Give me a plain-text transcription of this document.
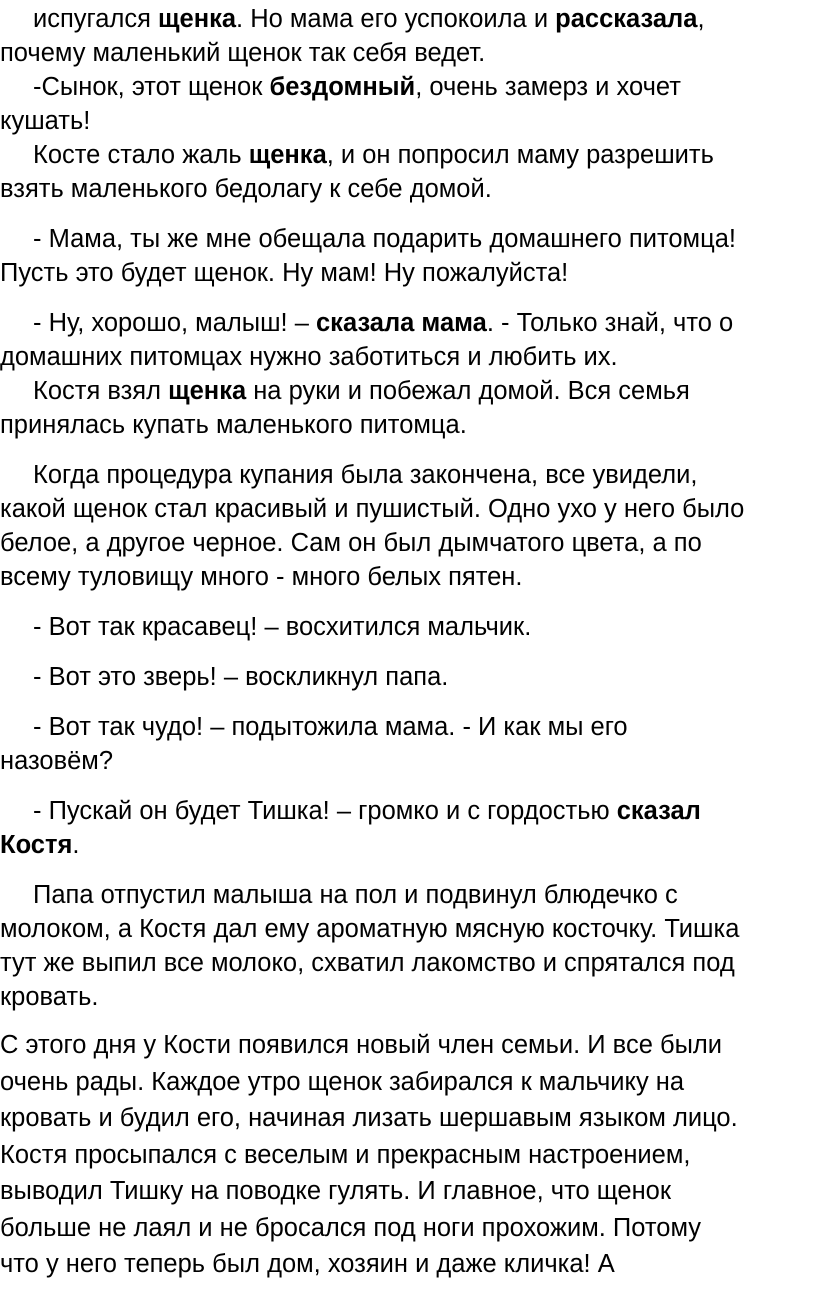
испугался щенка. Но мама его успокоила и рассказала,
почему маленький щенок так себя ведет.
-Сынок, этот щенок бездомный, очень замерз и хочет
кушать!
Косте стало жаль щенка, и он попросил маму разрешить
взять маленького бедолагу к себе домой.
- Мама, ты же мне обещала подарить домашнего питомца!
Пусть это будет щенок. Ну мам! Ну пожалуйста!
- Ну, хорошо, малыш! – сказала мама. - Только знай, что о
домашних питомцах нужно заботиться и любить их.
Костя взял щенка на руки и побежал домой. Вся семья
принялась купать маленького питомца.
Когда процедура купания была закончена, все увидели,
какой щенок стал красивый и пушистый. Одно ухо у него было
белое, а другое черное. Сам он был дымчатого цвета, а по
всему туловищу много - много белых пятен.
- Вот так красавец! – восхитился мальчик.
- Вот это зверь! – воскликнул папа.
- Вот так чудо! – подытожила мама. - И как мы его
назовём?
- Пускай он будет Тишка! – громко и с гордостью сказал
Костя.
Папа отпустил малыша на пол и подвинул блюдечко с
молоком, а Костя дал ему ароматную мясную косточку. Тишка
тут же выпил все молоко, схватил лакомство и спрятался под
кровать.
С этого дня у Кости появился новый член семьи. И все были
очень рады. Каждое утро щенок забирался к мальчику на
кровать и будил его, начиная лизать шершавым языком лицо.
Костя просыпался с веселым и прекрасным настроением,
выводил Тишку на поводке гулять. И главное, что щенок
больше не лаял и не бросался под ноги прохожим. Потому
что у него теперь был дом, хозяин и даже кличка! А
